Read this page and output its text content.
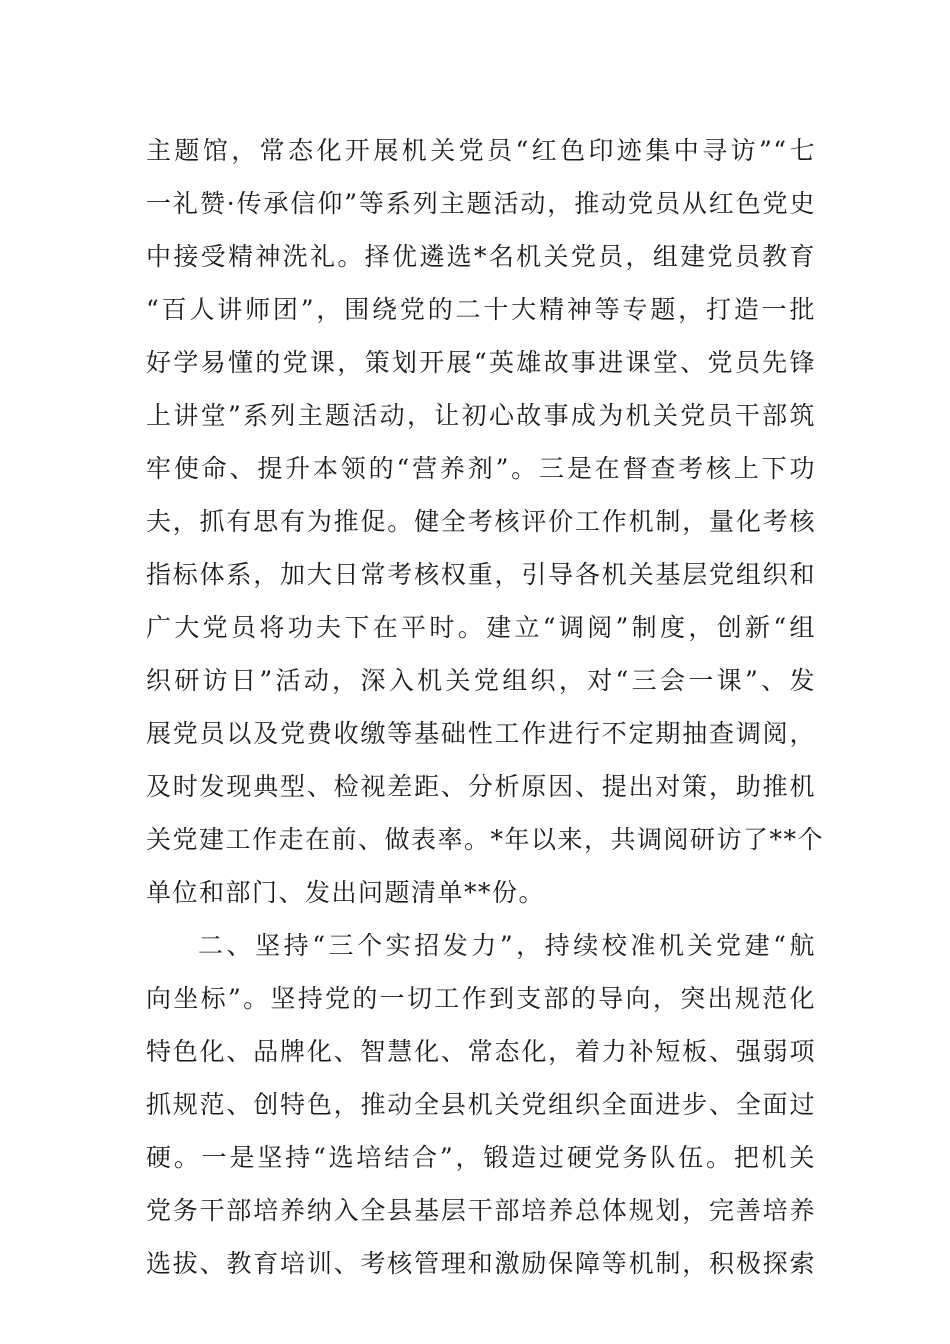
主题馆，常态化开展机关党员“红色印迹集中寻访”“七
一礼赞·传承信仰”等系列主题活动，推动党员从红色党史
中接受精神洗礼。择优遴选*名机关党员，组建党员教育
“百人讲师团”，围绕党的二十大精神等专题，打造一批
好学易懂的党课，策划开展“英雄故事进课堂、党员先锋
上讲堂”系列主题活动，让初心故事成为机关党员干部筑
牢使命、提升本领的“营养剂”。三是在督查考核上下功
夫，抓有思有为推促。健全考核评价工作机制，量化考核
指标体系，加大日常考核权重，引导各机关基层党组织和
广大党员将功夫下在平时。建立“调阅”制度，创新“组
织研访日”活动，深入机关党组织，对“三会一课”、发
展党员以及党费收缴等基础性工作进行不定期抽查调阅，
及时发现典型、检视差距、分析原因、提出对策，助推机
关党建工作走在前、做表率。*年以来，共调阅研访了**个
单位和部门、发出问题清单**份。
二、坚持“三个实招发力”，持续校准机关党建“航
向坐标”。坚持党的一切工作到支部的导向，突出规范化
特色化、品牌化、智慧化、常态化，着力补短板、强弱项
抓规范、创特色，推动全县机关党组织全面进步、全面过
硬。一是坚持“选培结合”，锻造过硬党务队伍。把机关
党务干部培养纳入全县基层干部培养总体规划，完善培养
选拔、教育培训、考核管理和激励保障等机制，积极探索
